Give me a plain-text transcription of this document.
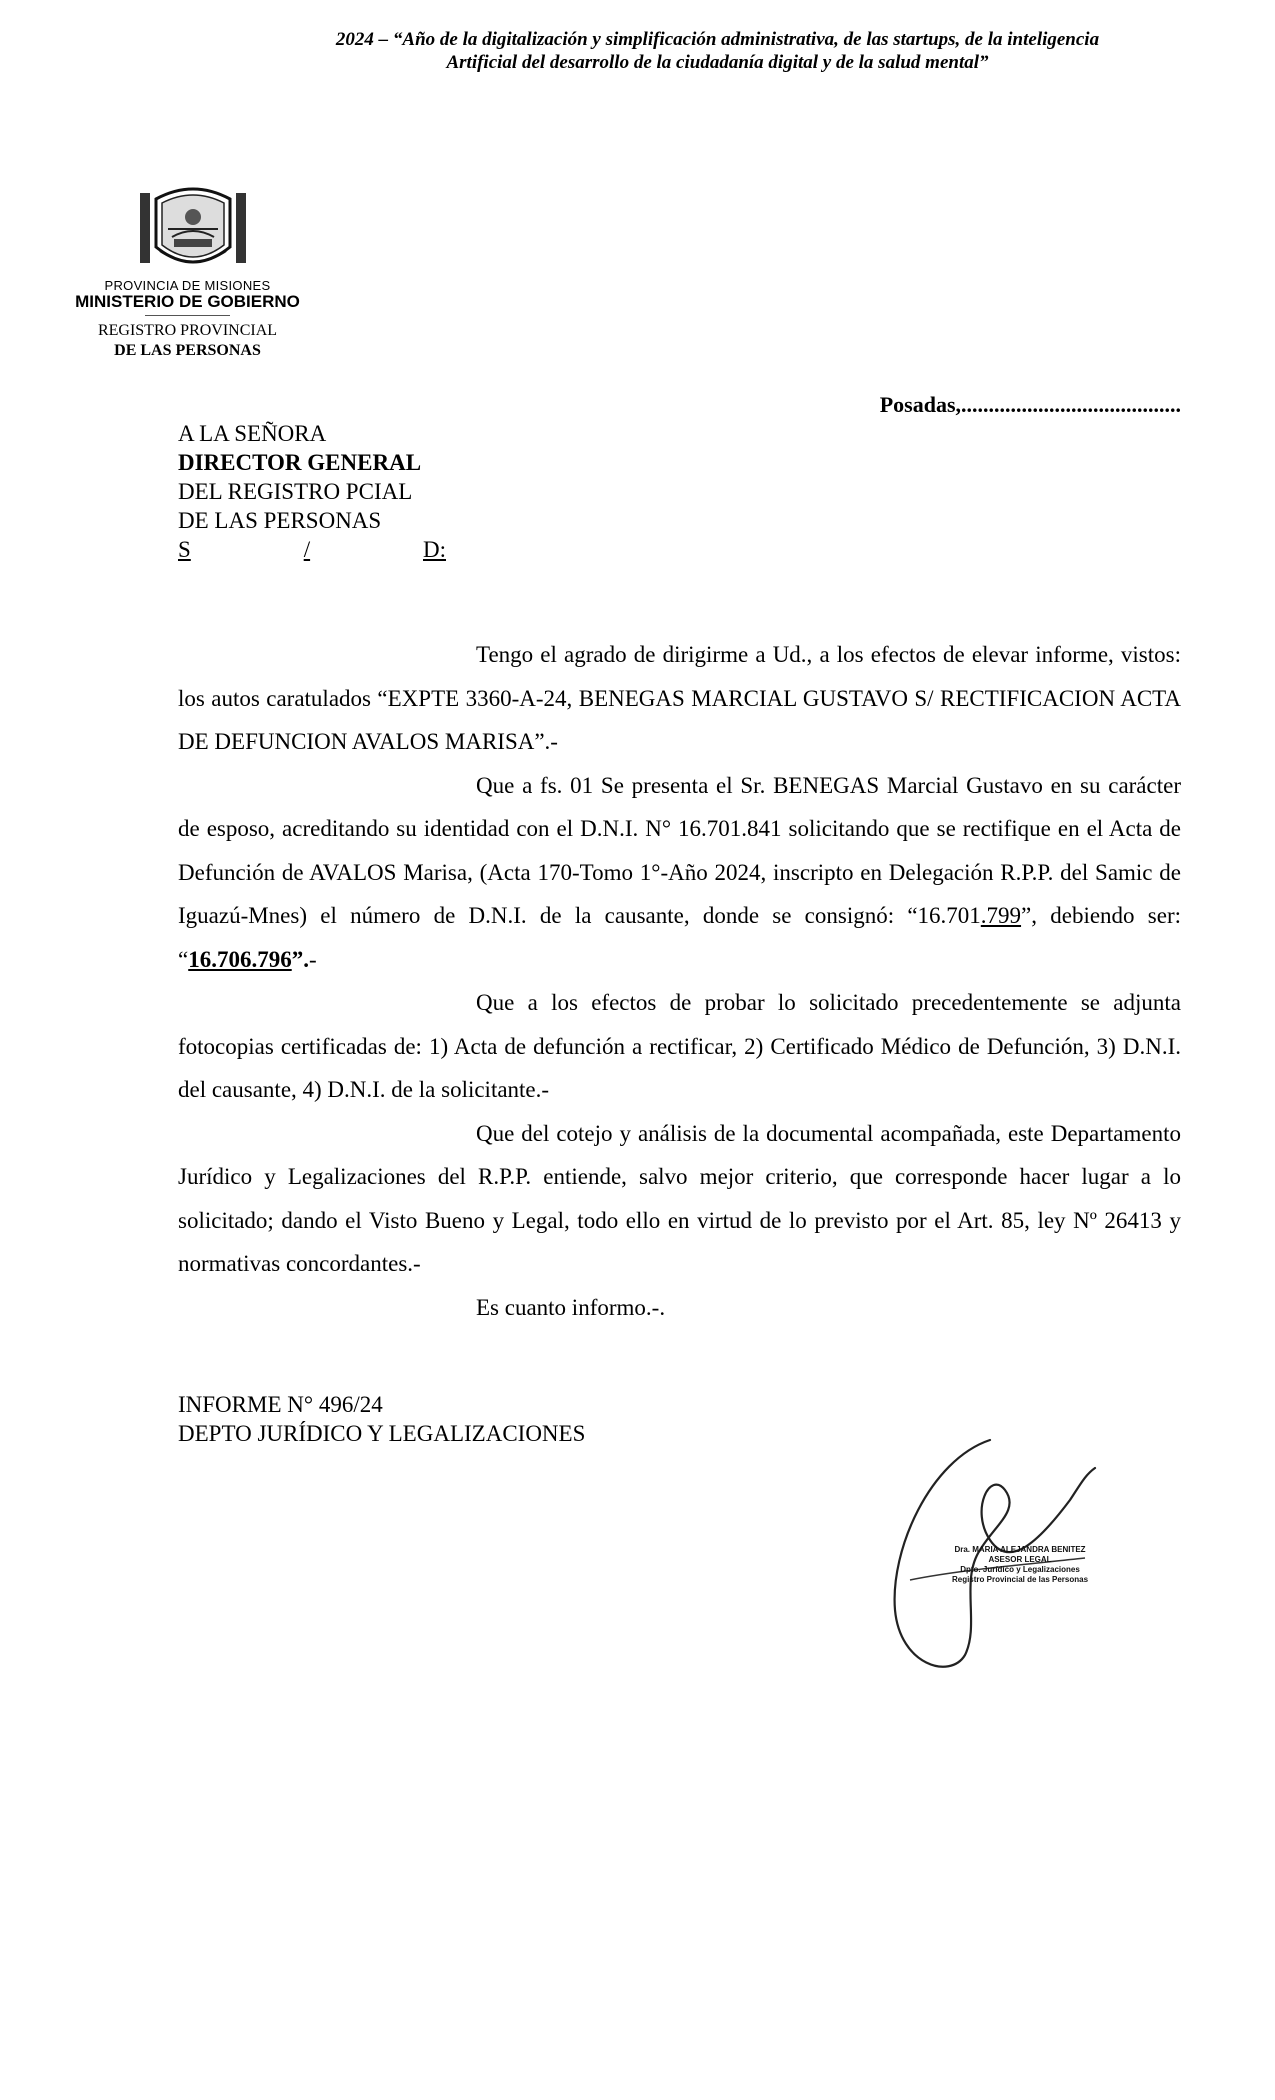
2024 – “Año de la digitalización y simplificación administrativa, de las startups, de la inteligencia
Artificial del desarrollo de la ciudadanía digital y de la salud mental”
PROVINCIA DE MISIONES
MINISTERIO DE GOBIERNO
REGISTRO PROVINCIAL
DE LAS PERSONAS
Posadas,........................................
A LA SEÑORA
DIRECTOR GENERAL
DEL REGISTRO PCIAL
DE LAS PERSONAS
S	/	D:

Tengo el agrado de dirigirme a Ud., a los efectos de elevar informe, vistos: los autos caratulados “EXPTE 3360-A-24, BENEGAS MARCIAL GUSTAVO S/ RECTIFICACION ACTA DE DEFUNCION AVALOS MARISA”.-

Que a fs. 01 Se presenta el Sr. BENEGAS Marcial Gustavo en su carácter de esposo, acreditando su identidad con el D.N.I. N° 16.701.841 solicitando que se rectifique en el Acta de Defunción de AVALOS Marisa, (Acta 170-Tomo 1°-Año 2024, inscripto en Delegación R.P.P. del Samic de Iguazú-Mnes) el número de D.N.I. de la causante, donde se consignó: “16.701.799”, debiendo ser: “16.706.796”.-

Que a los efectos de probar lo solicitado precedentemente se adjunta fotocopias certificadas de: 1) Acta de defunción a rectificar, 2) Certificado Médico de Defunción, 3) D.N.I. del causante, 4) D.N.I. de la solicitante.-

Que del cotejo y análisis de la documental acompañada, este Departamento Jurídico y Legalizaciones del R.P.P. entiende, salvo mejor criterio, que corresponde hacer lugar a lo solicitado; dando el Visto Bueno y Legal, todo ello en virtud de lo previsto por el Art. 85, ley Nº 26413 y normativas concordantes.-

Es cuanto informo.-.

INFORME N° 496/24
DEPTO JURÍDICO Y LEGALIZACIONES
Dra. MARIA ALEJANDRA BENITEZ
ASESOR LEGAL
Dpto. Jurídico y Legalizaciones
Registro Provincial de las Personas
